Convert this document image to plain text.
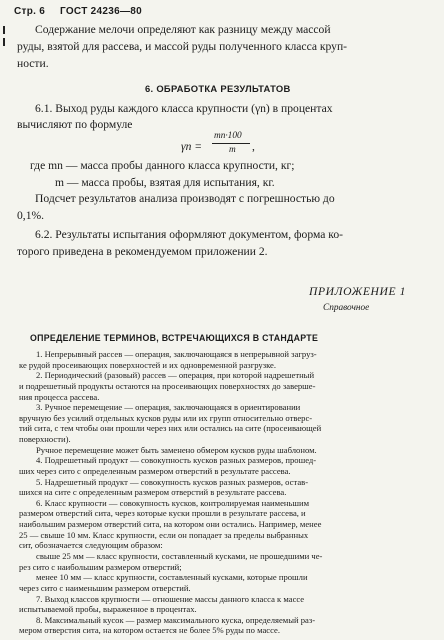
Стр. 6 ГОСТ 24236—80
Содержание мелочи определяют как разницу между массой
руды, взятой для рассева, и массой руды полученного класса круп-
ности.
6. ОБРАБОТКА РЕЗУЛЬТАТОВ
6.1. Выход руды каждого класса крупности (γn) в процентах
вычисляют по формуле
γn =
mn·100
m ,
где mn — масса пробы данного класса крупности, кг;
m — масса пробы, взятая для испытания, кг.
Подсчет результатов анализа производят с погрешностью до
0,1%.
6.2. Результаты испытания оформляют документом, форма ко-
торого приведена в рекомендуемом приложении 2.
ПРИЛОЖЕНИЕ 1
Справочное
ОПРЕДЕЛЕНИЕ ТЕРМИНОВ, ВСТРЕЧАЮЩИХСЯ В СТАНДАРТЕ
1. Непрерывный рассев — операция, заключающаяся в непрерывной загруз-
ке рудой просеивающих поверхностей и их одновременной разгрузке.
2. Периодический (разовый) рассев — операция, при которой надрешетный
и подрешетный продукты остаются на просеивающих поверхностях до заверше-
ния процесса рассева.
3. Ручное перемещение — операция, заключающаяся в ориентировании
вручную без усилий отдельных кусков руды или их групп относительно отверс-
тий сита, с тем чтобы они прошли через них или остались на сите (просеивающей
поверхности).
Ручное перемещение может быть заменено обмером кусков руды шаблоном.
4. Подрешетный продукт — совокупность кусков разных размеров, прошед-
ших через сито с определенным размером отверстий в результате рассева.
5. Надрешетный продукт — совокупность кусков разных размеров, остав-
шихся на сите с определенным размером отверстий в результате рассева.
6. Класс крупности — совокупность кусков, контролируемая наименьшим
размером отверстий сита, через которые куски прошли в результате рассева, и
наибольшим размером отверстий сита, на котором они остались. Например, менее
25 — свыше 10 мм. Класс крупности, если он попадает за пределы выбранных
сит, обозначается следующим образом:
свыше 25 мм — класс крупности, составленный кусками, не прошедшими че-
рез сито с наибольшим размером отверстий;
менее 10 мм — класс крупности, составленный кусками, которые прошли
через сито с наименьшим размером отверстий.
7. Выход классов крупности — отношение массы данного класса к массе
испытываемой пробы, выраженное в процентах.
8. Максимальный кусок — размер максимального куска, определяемый раз-
мером отверстия сита, на котором остается не более 5% руды по массе.
